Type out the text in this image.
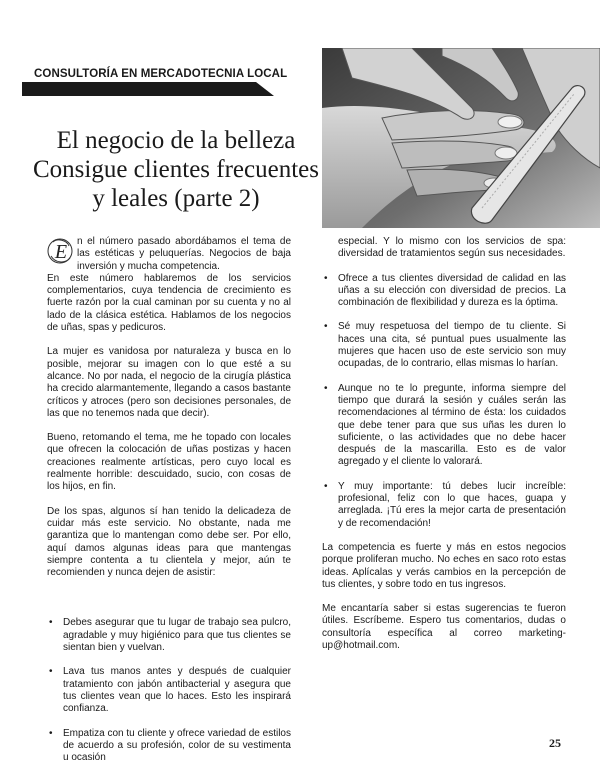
CONSULTORÍA EN MERCADOTECNIA LOCAL
El negocio de la belleza
Consigue clientes frecuentes
y leales (parte 2)
E n el número pasado abordábamos el tema de las estéticas y peluquerías. Negocios de baja inversión y mucha competencia.

En este número hablaremos de los servicios complementarios, cuya tendencia de crecimiento es fuerte razón por la cual caminan por su cuenta y no al lado de la clásica estética. Hablamos de los negocios de uñas, spas y pedicuros.

La mujer es vanidosa por naturaleza y busca en lo posible, mejorar su imagen con lo que esté a su alcance. No por nada, el negocio de la cirugía plástica ha crecido alarmantemente, llegando a casos bastante críticos y atroces (pero son decisiones personales, de las que no tenemos nada que decir).

Bueno, retomando el tema, me he topado con locales que ofrecen la colocación de uñas postizas y hacen creaciones realmente artísticas, pero cuyo local es realmente horrible: descuidado, sucio, con cosas de los hijos, en fin.

De los spas, algunos sí han tenido la delicadeza de cuidar más este servicio. No obstante, nada me garantiza que lo mantengan como debe ser. Por ello, aquí damos algunas ideas para que mantengas siempre contenta a tu clientela y mejor, aún te recomienden y nunca dejen de asistir:

• Debes asegurar que tu lugar de trabajo sea pulcro, agradable y muy higiénico para que tus clientes se sientan bien y vuelvan.

• Lava tus manos antes y después de cualquier tratamiento con jabón antibacterial y asegura que tus clientes vean que lo haces. Esto les inspirará confianza.

• Empatiza con tu cliente y ofrece variedad de estilos de acuerdo a su profesión, color de su vestimenta u ocasión

especial. Y lo mismo con los servicios de spa: diversidad de tratamientos según sus necesidades.

• Ofrece a tus clientes diversidad de calidad en las uñas a su elección con diversidad de precios. La combinación de flexibilidad y dureza es la óptima.

• Sé muy respetuosa del tiempo de tu cliente. Si haces una cita, sé puntual pues usualmente las mujeres que hacen uso de este servicio son muy ocupadas, de lo contrario, ellas mismas lo harían.

• Aunque no te lo pregunte, informa siempre del tiempo que durará la sesión y cuáles serán las recomendaciones al término de ésta: los cuidados que debe tener para que sus uñas les duren lo suficiente, o las actividades que no debe hacer después de la mascarilla. Esto es de valor agregado y el cliente lo valorará.

• Y muy importante: tú debes lucir increíble: profesional, feliz con lo que haces, guapa y arreglada. ¡Tú eres la mejor carta de presentación y de recomendación!

La competencia es fuerte y más en estos negocios porque proliferan mucho. No eches en saco roto estas ideas. Aplícalas y verás cambios en la percepción de tus clientes, y sobre todo en tus ingresos.

Me encantaría saber si estas sugerencias te fueron útiles. Escríbeme. Espero tus comentarios, dudas o consultoría específica al correo marketing-up@hotmail.com.

25
